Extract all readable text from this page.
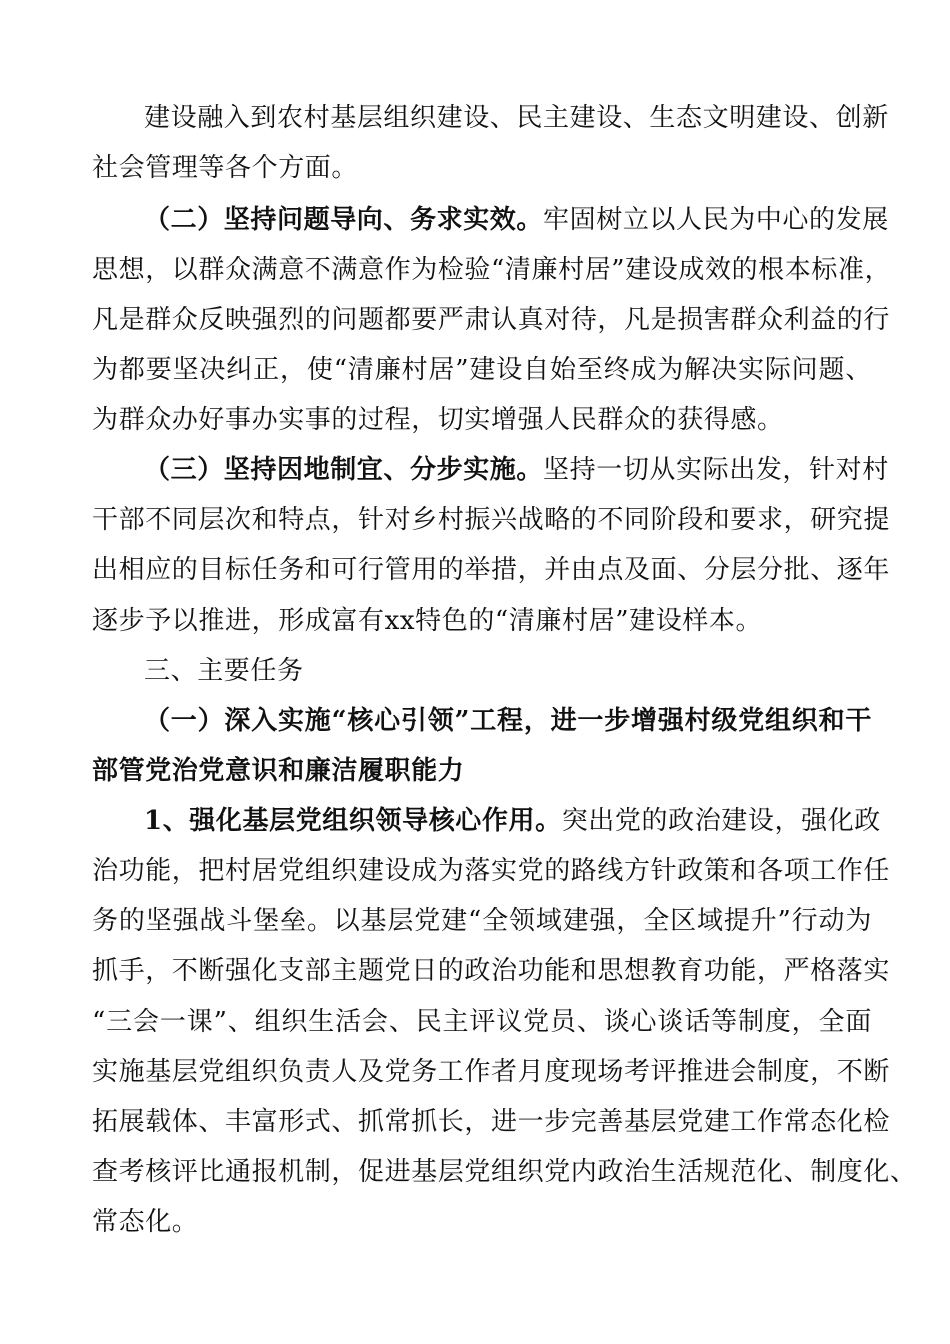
建设融入到农村基层组织建设、民主建设、生态文明建设、创新
社会管理等各个方面。
（二）坚持问题导向、务求实效。牢固树立以人民为中心的发展
思想，以群众满意不满意作为检验“清廉村居”建设成效的根本标准，
凡是群众反映强烈的问题都要严肃认真对待，凡是损害群众利益的行
为都要坚决纠正，使“清廉村居”建设自始至终成为解决实际问题、
为群众办好事办实事的过程，切实增强人民群众的获得感。
（三）坚持因地制宜、分步实施。坚持一切从实际出发，针对村
干部不同层次和特点，针对乡村振兴战略的不同阶段和要求，研究提
出相应的目标任务和可行管用的举措，并由点及面、分层分批、逐年
逐步予以推进，形成富有xx特色的“清廉村居”建设样本。
三、主要任务
（一）深入实施“核心引领”工程，进一步增强村级党组织和干
部管党治党意识和廉洁履职能力
1、强化基层党组织领导核心作用。突出党的政治建设，强化政
治功能，把村居党组织建设成为落实党的路线方针政策和各项工作任
务的坚强战斗堡垒。以基层党建“全领域建强，全区域提升”行动为
抓手，不断强化支部主题党日的政治功能和思想教育功能，严格落实
“三会一课”、组织生活会、民主评议党员、谈心谈话等制度，全面
实施基层党组织负责人及党务工作者月度现场考评推进会制度，不断
拓展载体、丰富形式、抓常抓长，进一步完善基层党建工作常态化检
查考核评比通报机制，促进基层党组织党内政治生活规范化、制度化、
常态化。
